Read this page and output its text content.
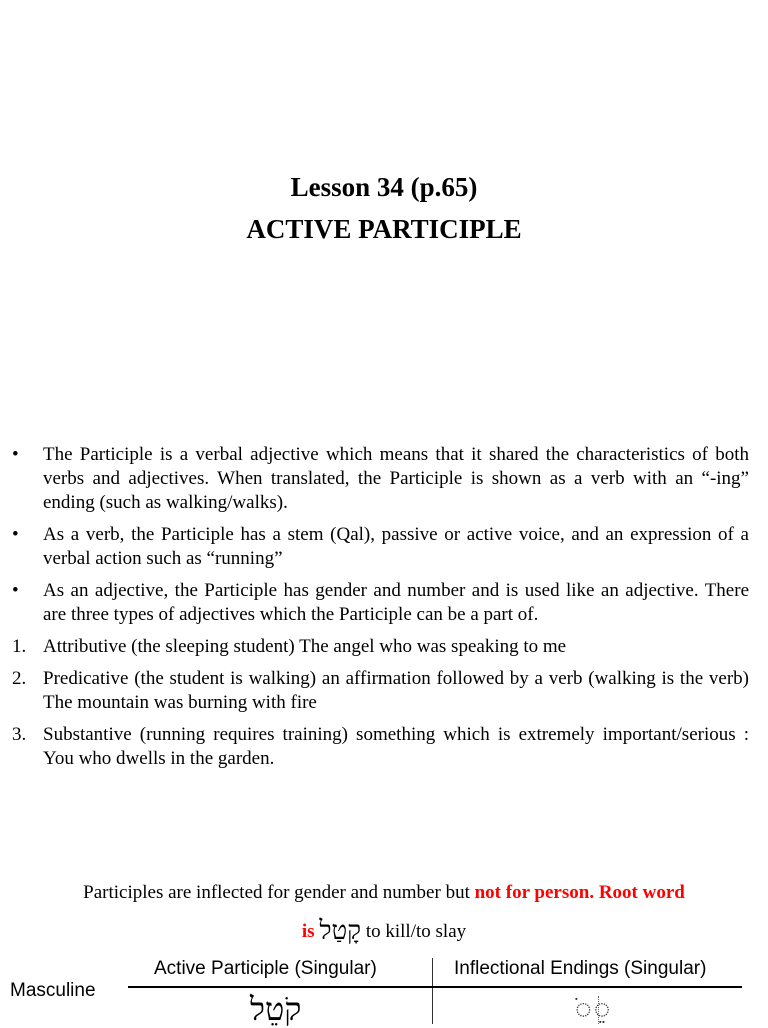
Lesson 34 (p.65)
ACTIVE PARTICIPLE
•	The Participle is a verbal adjective which means that it shared the characteristics of both verbs and adjectives. When translated, the Participle is shown as a verb with an “-ing” ending (such as walking/walks).
•	As a verb, the Participle has a stem (Qal), passive or active voice, and an expression of a verbal action such as “running”
•	As an adjective, the Participle has gender and number and is used like an adjective. There are three types of adjectives which the Participle can be a part of.
1. Attributive (the sleeping student) The angel who was speaking to me
2. Predicative (the student is walking) an affirmation followed by a verb (walking is the verb) The mountain was burning with fire
3. Substantive (running requires training) something which is extremely important/serious : You who dwells in the garden.
Participles are inflected for gender and number but not for person. Root word
is קָטַל to kill/to slay
Masculine
Active Participle (Singular)	Inflectional Endings (Singular)
קֹטֵל	◌ֹ◌ֵ
